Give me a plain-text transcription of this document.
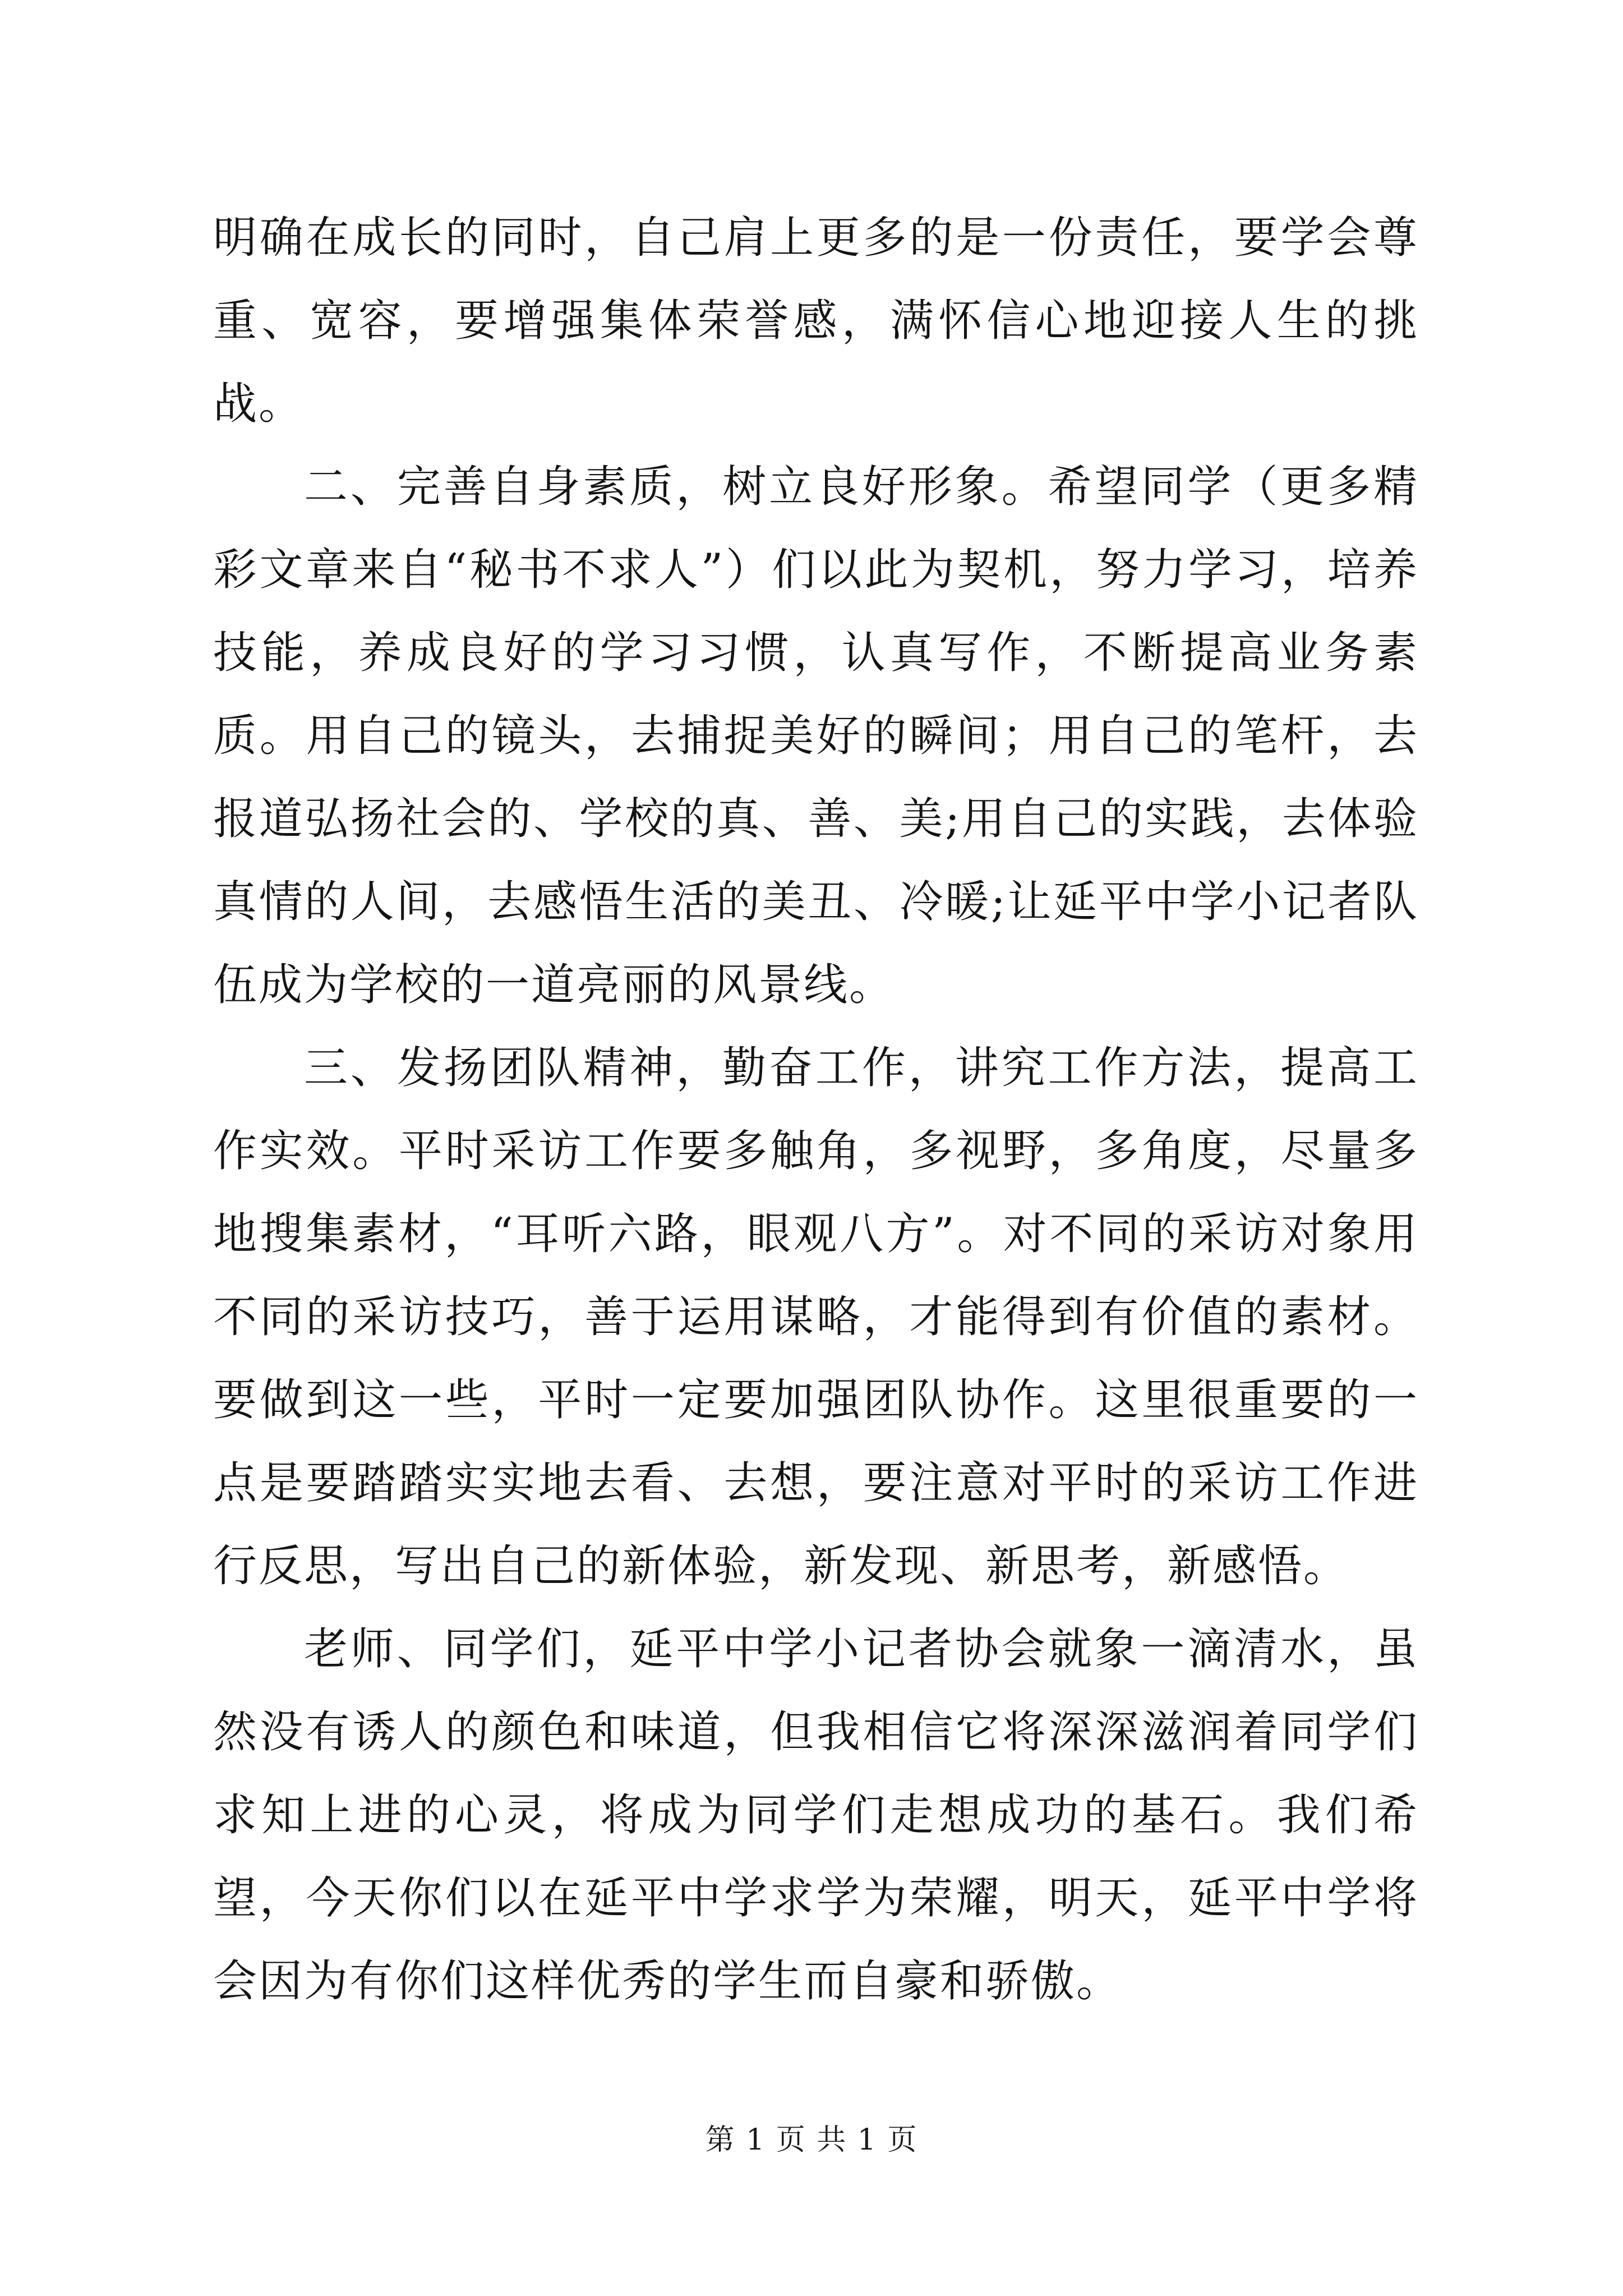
明确在成长的同时，自己肩上更多的是一份责任，要学会尊重、宽容，要增强集体荣誉感，满怀信心地迎接人生的挑战。

二、完善自身素质，树立良好形象。希望同学（更多精彩文章来自“秘书不求人”）们以此为契机，努力学习，培养技能，养成良好的学习习惯，认真写作，不断提高业务素质。用自己的镜头，去捕捉美好的瞬间；用自己的笔杆，去报道弘扬社会的、学校的真、善、美;用自己的实践，去体验真情的人间，去感悟生活的美丑、冷暖;让延平中学小记者队伍成为学校的一道亮丽的风景线。

三、发扬团队精神，勤奋工作，讲究工作方法，提高工作实效。平时采访工作要多触角，多视野，多角度，尽量多地搜集素材，“耳听六路，眼观八方”。对不同的采访对象用不同的采访技巧，善于运用谋略，才能得到有价值的素材。要做到这一些，平时一定要加强团队协作。这里很重要的一点是要踏踏实实地去看、去想，要注意对平时的采访工作进行反思，写出自己的新体验，新发现、新思考，新感悟。

老师、同学们，延平中学小记者协会就象一滴清水，虽然没有诱人的颜色和味道，但我相信它将深深滋润着同学们求知上进的心灵，将成为同学们走想成功的基石。我们希望，今天你们以在延平中学求学为荣耀，明天，延平中学将会因为有你们这样优秀的学生而自豪和骄傲。

第 1 页 共 1 页
